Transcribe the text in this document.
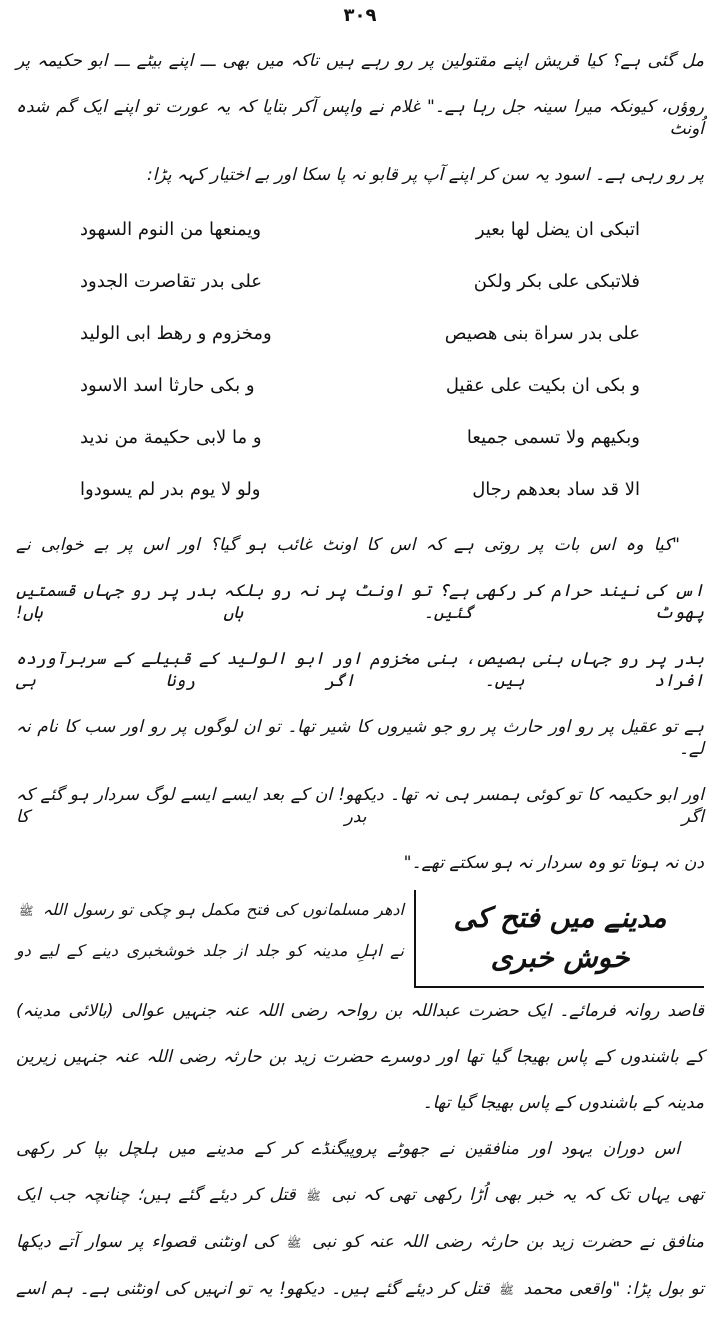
۳۰۹
مل گئی ہے؟ کیا قریش اپنے مقتولین پر رو رہے ہیں تاکہ میں بھی ـــ اپنے بیٹے ـــ ابو حکیمہ پر
روؤں، کیونکہ میرا سینہ جل رہا ہے۔" غلام نے واپس آکر بتایا کہ یہ عورت تو اپنے ایک گم شدہ اُونٹ
پر رو رہی ہے۔ اسود یہ سن کر اپنے آپ پر قابو نہ پا سکا اور بے اختیار کہہ پڑا:
اتبكى ان يضل لها بعير
ويمنعها من النوم السهود
فلاتبكى على بكر ولكن
على بدر تقاصرت الجدود
على بدر سراة بنى هصيص
ومخزوم و رهط ابى الوليد
و بكى ان بكيت على عقيل
و بكى حارثا اسد الاسود
وبكيهم ولا تسمى جميعا
و ما لابى حكيمة من نديد
الا قد ساد بعدهم رجال
ولو لا يوم بدر لم يسودوا
"کیا وہ اس بات پر روتی ہے کہ اس کا اونٹ غائب ہو گیا؟ اور اس پر بے خوابی نے
اس کی نیند حرام کر رکھی ہے؟ تو اونٹ پر نہ رو بلکہ بدر پر رو جہاں قسمتیں پھوٹ گئیں۔ ہاں ہاں!
بدر پر رو جہاں بنی ہصیص، بنی مخزوم اور ابو الولید کے قبیلے کے سربرآوردہ افراد ہیں۔ اگر رونا ہی
ہے تو عقیل پر رو اور حارث پر رو جو شیروں کا شیر تھا۔ تو ان لوگوں پر رو اور سب کا نام نہ لے۔
اور ابو حکیمہ کا تو کوئی ہمسر ہی نہ تھا۔ دیکھو! ان کے بعد ایسے ایسے لوگ سردار ہو گئے کہ اگر بدر کا
دن نہ ہوتا تو وہ سردار نہ ہو سکتے تھے۔"
مدینے میں فتح کی خوش خبری
ادھر مسلمانوں کی فتح مکمل ہو چکی تو رسول اللہ ﷺ
نے اہلِ مدینہ کو جلد از جلد خوشخبری دینے کے لیے دو
قاصد روانہ فرمائے۔ ایک حضرت عبداللہ بن رواحہ رضی اللہ عنہ جنہیں عوالی (بالائی مدینہ)
کے باشندوں کے پاس بھیجا گیا تھا اور دوسرے حضرت زید بن حارثہ رضی اللہ عنہ جنہیں زیرین
مدینہ کے باشندوں کے پاس بھیجا گیا تھا۔
اس دوران یہود اور منافقین نے جھوٹے پروپیگنڈے کر کے مدینے میں ہلچل بپا کر رکھی
تھی یہاں تک کہ یہ خبر بھی اُڑا رکھی تھی کہ نبی ﷺ قتل کر دیئے گئے ہیں؛ چنانچہ جب ایک
منافق نے حضرت زید بن حارثہ رضی اللہ عنہ کو نبی ﷺ کی اونٹنی قصواء پر سوار آتے دیکھا
تو بول پڑا: "واقعی محمد ﷺ قتل کر دیئے گئے ہیں۔ دیکھو! یہ تو انہیں کی اونٹنی ہے۔ ہم اسے
